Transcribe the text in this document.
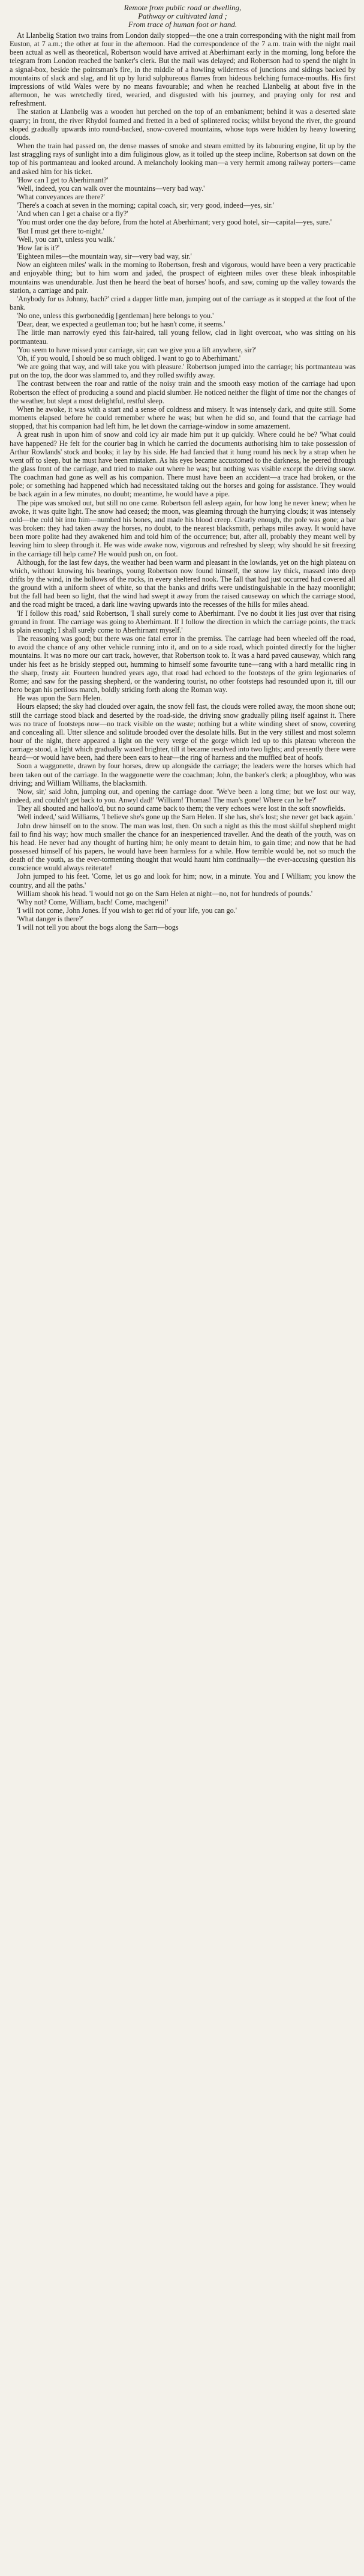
Remote from public road or dwelling,
Pathway or cultivated land ;
From trace of human foot or hand.

At Llanbelig Station two trains from London daily stopped—the one a train corresponding with the night mail from Euston, at 7 a.m.; the other at four in the afternoon. Had the correspondence of the 7 a.m. train with the night mail been actual as well as theoretical, Robertson would have arrived at Aberhirnant early in the morning, long before the telegram from London reached the banker's clerk. But the mail was delayed; and Robertson had to spend the night in a signal-box, beside the pointsman's fire, in the middle of a howling wilderness of junctions and sidings backed by mountains of slack and slag, and lit up by lurid sulphureous flames from hideous belching furnace-mouths. His first impressions of wild Wales were by no means favourable; and when he reached Llanbelig at about five in the afternoon, he was wretchedly tired, wearied, and disgusted with his journey, and praying only for rest and refreshment.

The station at Llanbelig was a wooden hut perched on the top of an embankment; behind it was a deserted slate quarry; in front, the river Rhydol foamed and fretted in a bed of splintered rocks; whilst beyond the river, the ground sloped gradually upwards into round-backed, snow-covered mountains, whose tops were hidden by heavy lowering clouds.

When the train had passed on, the dense masses of smoke and steam emitted by its labouring engine, lit up by the last straggling rays of sunlight into a dim fuliginous glow, as it toiled up the steep incline, Robertson sat down on the top of his portmanteau and looked around. A melancholy looking man—a very hermit among railway porters—came and asked him for his ticket.

'How can I get to Aberhirnant?'

'Well, indeed, you can walk over the mountains—very bad way.'

'What conveyances are there?'

'There's a coach at seven in the morning; capital coach, sir; very good, indeed—yes, sir.'

'And when can I get a chaise or a fly?'

'You must order one the day before, from the hotel at Aberhirnant; very good hotel, sir—capital—yes, sure.'

'But I must get there to-night.'

'Well, you can't, unless you walk.'

'How far is it?'

'Eighteen miles—the mountain way, sir—very bad way, sir.'

Now an eighteen miles' walk in the morning to Robertson, fresh and vigorous, would have been a very practicable and enjoyable thing; but to him worn and jaded, the prospect of eighteen miles over these bleak inhospitable mountains was unendurable. Just then he heard the beat of horses' hoofs, and saw, coming up the valley towards the station, a carriage and pair.

'Anybody for us Johnny, bach?' cried a dapper little man, jumping out of the carriage as it stopped at the foot of the bank.

'No one, unless this gwrboneddig [gentleman] here belongs to you.'

'Dear, dear, we expected a geutleman too; but he hasn't come, it seems.'

The little man narrowly eyed this fair-haired, tall young fellow, clad in light overcoat, who was sitting on his portmanteau.

'You seem to have missed your carriage, sir; can we give you a lift anywhere, sir?'

'Oh, if you would, I should be so much obliged. I want to go to Aberhirnant.'

'We are going that way, and will take you with pleasure.' Robertson jumped into the carriage; his portmanteau was put on the top, the door was slammed to, and they rolled swiftly away.

The contrast between the roar and rattle of the noisy train and the smooth easy motion of the carriage had upon Robertson the effect of producing a sound and placid slumber. He noticed neither the flight of time nor the changes of the weather, but slept a most delightful, restful sleep.

When he awoke, it was with a start and a sense of coldness and misery. It was intensely dark, and quite still. Some moments elapsed before he could remember where he was; but when he did so, and found that the carriage had stopped, that his companion had left him, he let down the carriage-window in some amazement.

A great rush in upon him of snow and cold icy air made him put it up quickly. Where could he be? 'What could have happened? He felt for the courier bag in which he carried the documents authorising him to take possession of Arthur Rowlands' stock and books; it lay by his side. He had fancied that it hung round his neck by a strap when he went off to sleep, but he must have been mistaken. As his eyes became accustomed to the darkness, he peered through the glass front of the carriage, and tried to make out where he was; but nothing was visible except the driving snow. The coachman had gone as well as his companion. There must have been an accident—a trace had broken, or the pole; or something had happened which had necessitated taking out the horses and going for assistance. They would be back again in a few minutes, no doubt; meantime, he would have a pipe.

The pipe was smoked out, but still no one came. Robertson fell asleep again, for how long he never knew; when he awoke, it was quite light. The snow had ceased; the moon, was gleaming through the hurrying clouds; it was intensely cold—the cold bit into him—numbed his bones, and made his blood creep. Clearly enough, the pole was gone; a bar was broken: they had taken away the horses, no doubt, to the nearest blacksmith, perhaps miles away. It would have been more polite had they awakened him and told him of the occurrence; but, after all, probably they meant well by leaving him to sleep through it. He was wide awake now, vigorous and refreshed by sleep; why should he sit freezing in the carriage till help came? He would push on, on foot.

Although, for the last few days, the weather had been warm and pleasant in the lowlands, yet on the high plateau on which, without knowing his bearings, young Robertson now found himself, the snow lay thick, massed into deep drifts by the wind, in the hollows of the rocks, in every sheltered nook. The fall that had just occurred had covered all the ground with a uniform sheet of white, so that the banks and drifts were undistinguishable in the hazy moonlight; but the fall had been so light, that the wind had swept it away from the raised causeway on which the carriage stood, and the road might be traced, a dark line waving upwards into the recesses of the hills for miles ahead.

'If I follow this road,' said Robertson, 'I shall surely come to Aberhirnant. I've no doubt it lies just over that rising ground in front. The carriage was going to Aberhirnant. If I follow the direction in which the carriage points, the track is plain enough; I shall surely come to Aberhirnant myself.'

The reasoning was good; but there was one fatal error in the premiss. The carriage had been wheeled off the road, to avoid the chance of any other vehicle running into it, and on to a side road, which pointed directly for the higher mountains. It was no more our cart track, however, that Robertson took to. It was a hard paved causeway, which rang under his feet as he briskly stepped out, humming to himself some favourite tune—rang with a hard metallic ring in the sharp, frosty air. Fourteen hundred years ago, that road had echoed to the footsteps of the grim legionaries of Rome; and saw for the passing shepherd, or the wandering tourist, no other footsteps had resounded upon it, till our hero began his perilous march, boldly striding forth along the Roman way.

He was upon the Sarn Helen.

Hours elapsed; the sky had clouded over again, the snow fell fast, the clouds were rolled away, the moon shone out; still the carriage stood black and deserted by the road-side, the driving snow gradually piling itself against it. There was no trace of footsteps now—no track visible on the waste; nothing but a white winding sheet of snow, covering and concealing all. Utter silence and solitude brooded over the desolate hills. But in the very stillest and most solemn hour of the night, there appeared a light on the very verge of the gorge which led up to this plateau whereon the carriage stood, a light which gradually waxed brighter, till it became resolved into two lights; and presently there were heard—or would have been, had there been ears to hear—the ring of harness and the muffled beat of hoofs.

Soon a waggonette, drawn by four horses, drew up alongside the carriage; the leaders were the horses which had been taken out of the carriage. In the waggonette were the coachman; John, the banker's clerk; a ploughboy, who was driving; and William Williams, the blacksmith.

'Now, sir,' said John, jumping out, and opening the carriage door. 'We've been a long time; but we lost our way, indeed, and couldn't get back to you. Anwyl dad!' 'William! Thomas! The man's gone! Where can he be?'

They all shouted and halloo'd, but no sound came back to them; the very echoes were lost in the soft snowfields.

'Well indeed,' said Williams, 'I believe she's gone up the Sarn Helen. If she has, she's lost; she never get back again.'

John drew himself on to the snow. The man was lost, then. On such a night as this the most skilful shepherd might fail to find his way; how much smaller the chance for an inexperienced traveller. And the death of the youth, was on his head. He never had any thought of hurting him; he only meant to detain him, to gain time; and now that he had possessed himself of his papers, he would have been harmless for a while. How terrible would be, not so much the death of the youth, as the ever-tormenting thought that would haunt him continually—the ever-accusing question his conscience would always reiterate!

John jumped to his feet. 'Come, let us go and look for him; now, in a minute. You and I William; you know the country, and all the paths.'

William shook his head. 'I would not go on the Sarn Helen at night—no, not for hundreds of pounds.'

'Why not? Come, William, bach! Come, machgeni!'

'I will not come, John Jones. If you wish to get rid of your life, you can go.'

'What danger is there?'

'I will not tell you about the bogs along the Sarn—bogs
